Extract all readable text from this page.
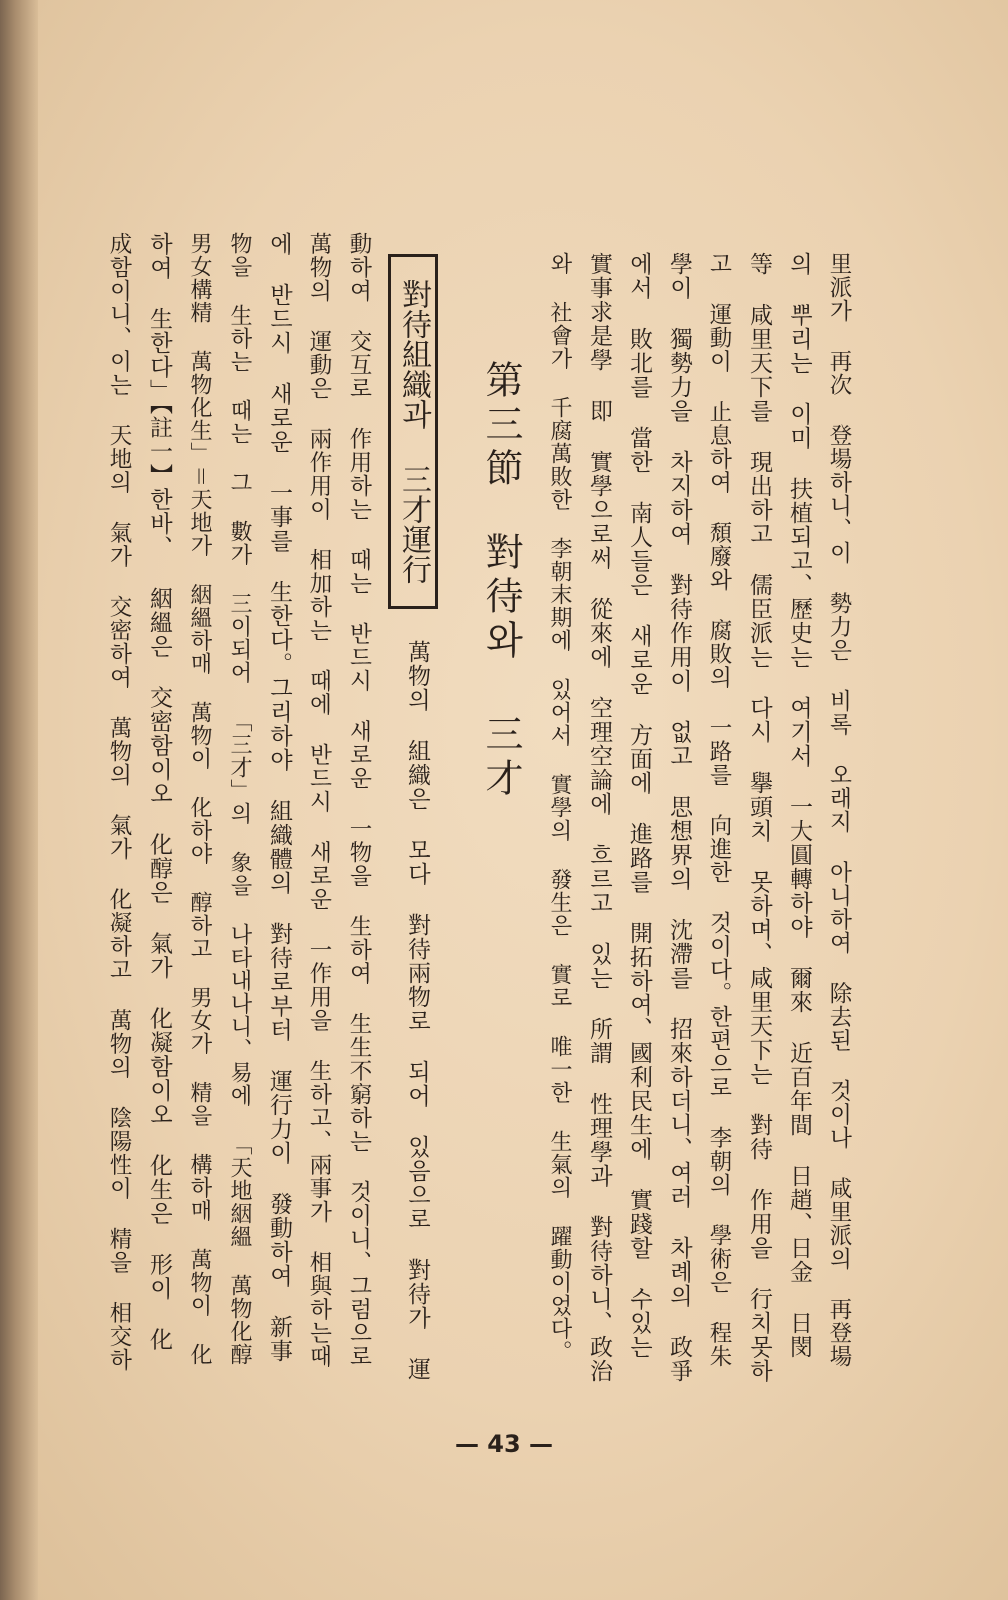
里派가 再次 登場하니、이 勢力은 비록 오래지 아니하여 除去된 것이나 咸里派의 再登場
의 뿌리는 이미 扶植되고、歷史는 여기서 一大圓轉하야 爾來 近百年間 日趙、日金 日閔
等 咸里天下를 現出하고 儒臣派는 다시 擧頭치 못하며、咸里天下는 對待 作用을 行치못하
고 運動이 止息하여 頹廢와 腐敗의 一路를 向進한 것이다。한편으로 李朝의 學術은 程朱
學이 獨勢力을 차지하여 對待作用이 없고 思想界의 沈滯를 招來하더니、여러 차례의 政爭
에서 敗北를 當한 南人들은 새로운 方面에 進路를 開拓하여、國利民生에 實踐할 수있는
實事求是學 即 實學으로써 從來에 空理空論에 흐르고 있는 所謂 性理學과 對待하니、政治
와 社會가 千腐萬敗한 李朝末期에 있어서 實學의 發生은 實로 唯一한 生氣의 躍動이었다。
第三節對待와 三才
對待組織과 三才運行
萬物의 組織은 모다 對待兩物로 되어 있음으로 對待가 運
動하여 交互로 作用하는 때는 반드시 새로운 一物을 生하여 生生不窮하는 것이니、그럼으로
萬物의 運動은 兩作用이 相加하는 때에 반드시 새로운 一作用을 生하고、兩事가 相與하는때
에 반드시 새로운 一事를 生한다。그리하야 組織體의 對待로부터 運行力이 發動하여 新事
物을 生하는 때는 그 數가 三이되어 「三才」의 象을 나타내나니、易에 「天地絪縕 萬物化醇
男女構精 萬物化生」＝天地가 絪縕하매 萬物이 化하야 醇하고 男女가 精을 構하매 萬物이 化
하여 生한다」【註一】한바、 絪縕은 交密함이오 化醇은 氣가 化凝함이오 化生은 形이 化
成함이니、이는 天地의 氣가 交密하여 萬物의 氣가 化凝하고 萬物의 陰陽性이 精을 相交하
— 43 —
